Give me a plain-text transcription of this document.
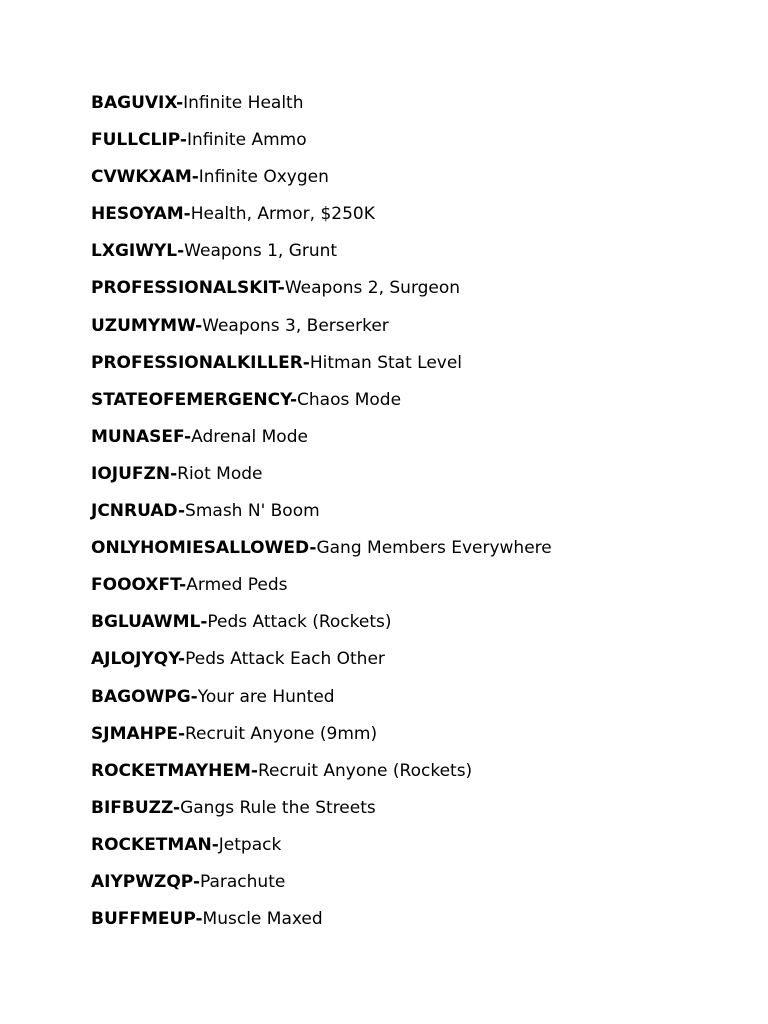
BAGUVIX-Infinite Health
FULLCLIP-Infinite Ammo
CVWKXAM-Infinite Oxygen
HESOYAM-Health, Armor, $250K
LXGIWYL-Weapons 1, Grunt
PROFESSIONALSKIT-Weapons 2, Surgeon
UZUMYMW-Weapons 3, Berserker
PROFESSIONALKILLER-Hitman Stat Level
STATEOFEMERGENCY-Chaos Mode
MUNASEF-Adrenal Mode
IOJUFZN-Riot Mode
JCNRUAD-Smash N' Boom
ONLYHOMIESALLOWED-Gang Members Everywhere
FOOOXFT-Armed Peds
BGLUAWML-Peds Attack (Rockets)
AJLOJYQY-Peds Attack Each Other
BAGOWPG-Your are Hunted
SJMAHPE-Recruit Anyone (9mm)
ROCKETMAYHEM-Recruit Anyone (Rockets)
BIFBUZZ-Gangs Rule the Streets
ROCKETMAN-Jetpack
AIYPWZQP-Parachute
BUFFMEUP-Muscle Maxed
